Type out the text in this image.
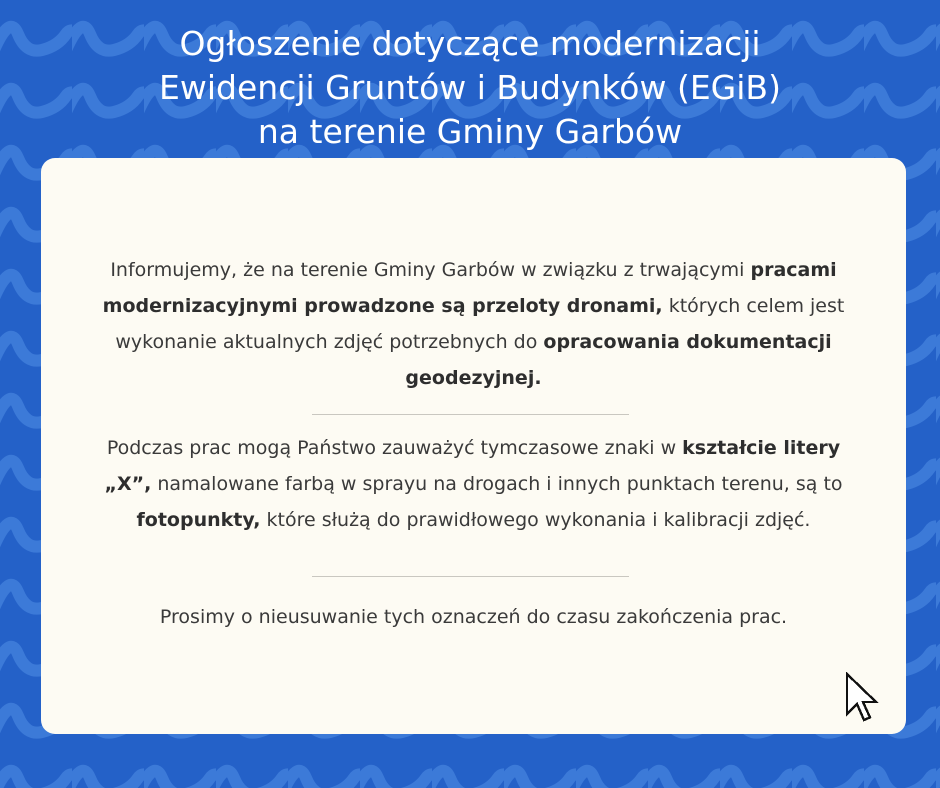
Ogłoszenie dotyczące modernizacji
Ewidencji Gruntów i Budynków (EGiB)
na terenie Gminy Garbów

Informujemy, że na terenie Gminy Garbów w związku z trwającymi pracami modernizacyjnymi prowadzone są przeloty dronami, których celem jest wykonanie aktualnych zdjęć potrzebnych do opracowania dokumentacji geodezyjnej.

Podczas prac mogą Państwo zauważyć tymczasowe znaki w kształcie litery „X”, namalowane farbą w sprayu na drogach i innych punktach terenu, są to fotopunkty, które służą do prawidłowego wykonania i kalibracji zdjęć.

Prosimy o nieusuwanie tych oznaczeń do czasu zakończenia prac.
